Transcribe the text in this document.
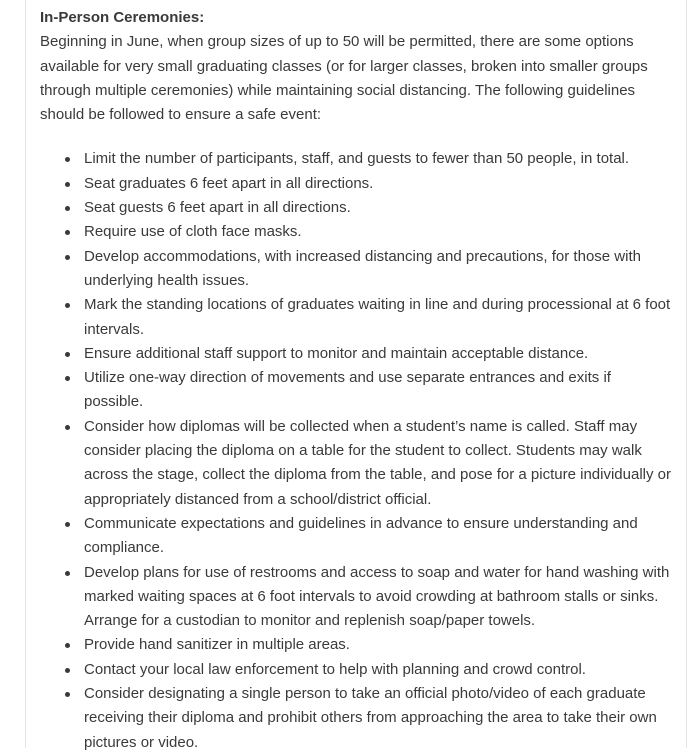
In-Person Ceremonies:

Beginning in June, when group sizes of up to 50 will be permitted, there are some options available for very small graduating classes (or for larger classes, broken into smaller groups through multiple ceremonies) while maintaining social distancing. The following guidelines should be followed to ensure a safe event:

Limit the number of participants, staff, and guests to fewer than 50 people, in total.
Seat graduates 6 feet apart in all directions.
Seat guests 6 feet apart in all directions.
Require use of cloth face masks.
Develop accommodations, with increased distancing and precautions, for those with underlying health issues.
Mark the standing locations of graduates waiting in line and during processional at 6 foot intervals.
Ensure additional staff support to monitor and maintain acceptable distance.
Utilize one-way direction of movements and use separate entrances and exits if possible.
Consider how diplomas will be collected when a student’s name is called. Staff may consider placing the diploma on a table for the student to collect. Students may walk across the stage, collect the diploma from the table, and pose for a picture individually or appropriately distanced from a school/district official.
Communicate expectations and guidelines in advance to ensure understanding and compliance.
Develop plans for use of restrooms and access to soap and water for hand washing with marked waiting spaces at 6 foot intervals to avoid crowding at bathroom stalls or sinks. Arrange for a custodian to monitor and replenish soap/paper towels.
Provide hand sanitizer in multiple areas.
Contact your local law enforcement to help with planning and crowd control.
Consider designating a single person to take an official photo/video of each graduate receiving their diploma and prohibit others from approaching the area to take their own pictures or video.
